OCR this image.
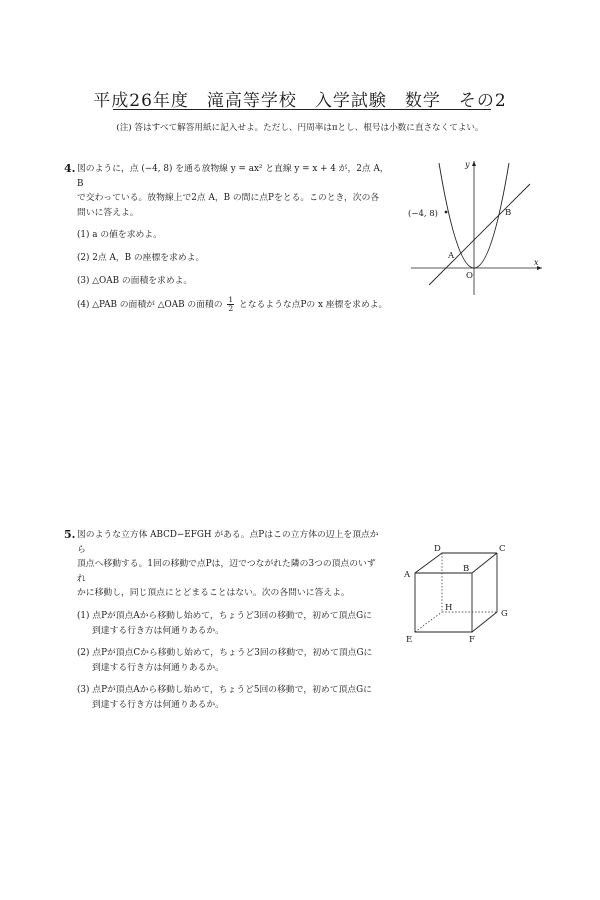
平成26年度　滝高等学校　入学試験　数学　その2
(注) 答はすべて解答用紙に記入せよ。ただし、円周率はπとし、根号は小数に直さなくてよい。
4. 図のように，点 (−4, 8) を通る放物線 y = ax² と直線 y = x + 4 が，2点 A，B
で交わっている。放物線上で2点 A，B の間に点Pをとる。このとき，次の各
問いに答えよ。
(1) a の値を求めよ。
(2) 2点 A，B の座標を求めよ。
(3) △OAB の面積を求めよ。
(4) △PAB の面積が △OAB の面積の $\frac{1}{2}$ となるような点Pの x 座標を求めよ。
(−4, 8)
A
B
O
x
y
5. 図のような立方体 ABCD−EFGH がある。点Pはこの立方体の辺上を頂点から
頂点へ移動する。1回の移動で点Pは，辺でつながれた隣の3つの頂点のいずれ
かに移動し，同じ頂点にとどまることはない。次の各問いに答えよ。
(1) 点Pが頂点Aから移動し始めて，ちょうど3回の移動で，初めて頂点Gに
到達する行き方は何通りあるか。
(2) 点Pが頂点Cから移動し始めて，ちょうど3回の移動で，初めて頂点Gに
到達する行き方は何通りあるか。
(3) 点Pが頂点Aから移動し始めて，ちょうど5回の移動で，初めて頂点Gに
到達する行き方は何通りあるか。
A
B
C
D
E	F
G
H
